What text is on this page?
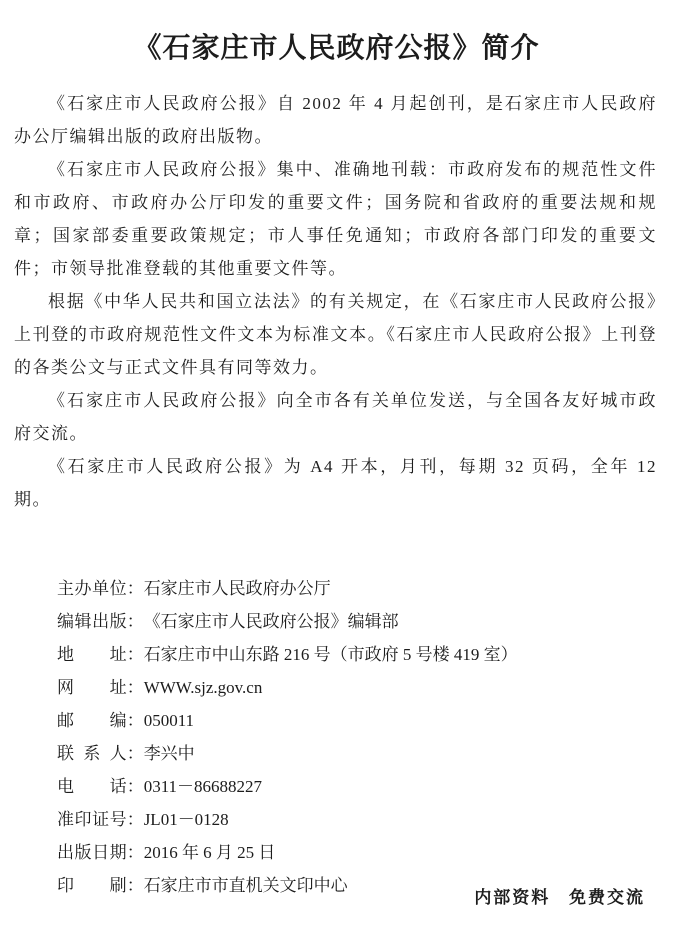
《石家庄市人民政府公报》简介

《石家庄市人民政府公报》自 2002 年 4 月起创刊，是石家庄市人民政府办公厅编辑出版的政府出版物。

《石家庄市人民政府公报》集中、准确地刊载：市政府发布的规范性文件和市政府、市政府办公厅印发的重要文件；国务院和省政府的重要法规和规章；国家部委重要政策规定；市人事任免通知；市政府各部门印发的重要文件；市领导批准登载的其他重要文件等。

根据《中华人民共和国立法法》的有关规定，在《石家庄市人民政府公报》上刊登的市政府规范性文件文本为标准文本。《石家庄市人民政府公报》上刊登的各类公文与正式文件具有同等效力。

《石家庄市人民政府公报》向全市各有关单位发送，与全国各友好城市政府交流。

《石家庄市人民政府公报》为 A4 开本，月刊，每期 32 页码，全年 12 期。

主办单位：石家庄市人民政府办公厅
编辑出版：《石家庄市人民政府公报》编辑部
地址：石家庄市中山东路 216 号（市政府 5 号楼 419 室）
网址：WWW.sjz.gov.cn
邮编：050011
联系人：李兴中
电话：0311－86688227
准印证号：JL01－0128
出版日期：2016 年 6 月 25 日
印刷：石家庄市市直机关文印中心
内部资料 免费交流
